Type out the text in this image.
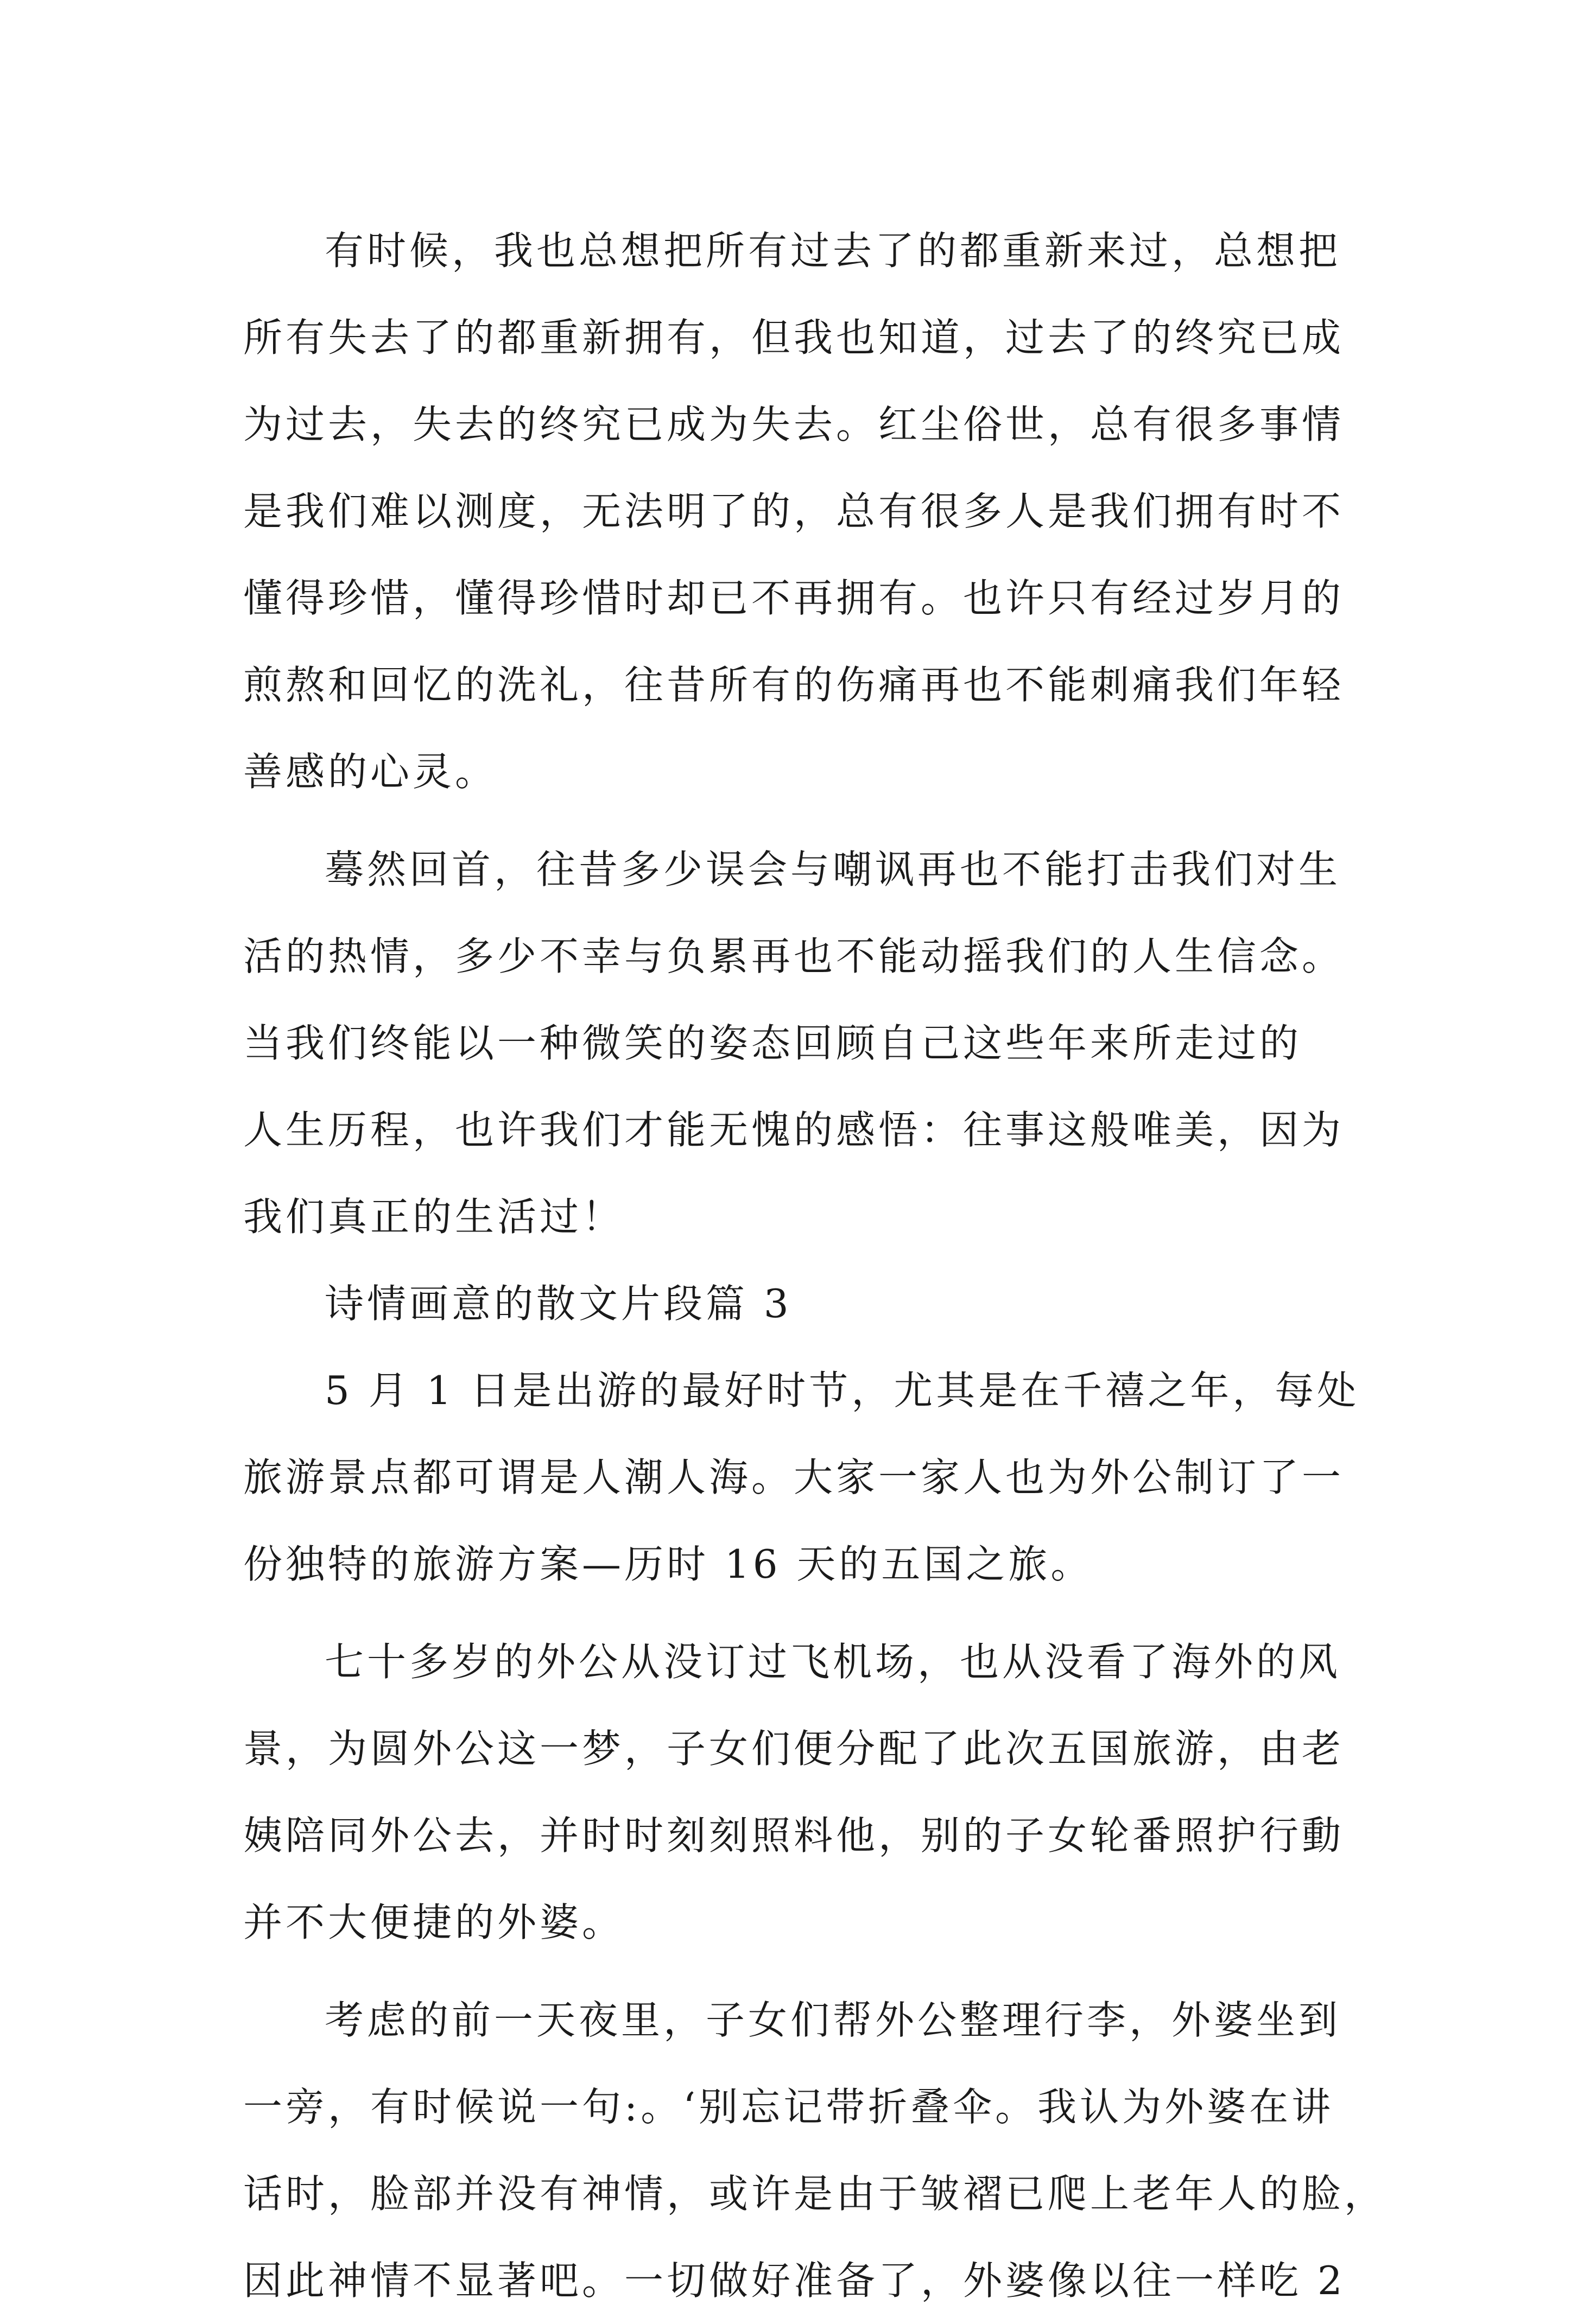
有时候，我也总想把所有过去了的都重新来过，总想把
所有失去了的都重新拥有，但我也知道，过去了的终究已成
为过去，失去的终究已成为失去。红尘俗世，总有很多事情
是我们难以测度，无法明了的，总有很多人是我们拥有时不
懂得珍惜，懂得珍惜时却已不再拥有。也许只有经过岁月的
煎熬和回忆的洗礼，往昔所有的伤痛再也不能刺痛我们年轻
善感的心灵。
蓦然回首，往昔多少误会与嘲讽再也不能打击我们对生
活的热情，多少不幸与负累再也不能动摇我们的人生信念。
当我们终能以一种微笑的姿态回顾自己这些年来所走过的
人生历程，也许我们才能无愧的感悟：往事这般唯美，因为
我们真正的生活过！
诗情画意的散文片段篇 3
5 月 1 日是出游的最好时节，尤其是在千禧之年，每处
旅游景点都可谓是人潮人海。大家一家人也为外公制订了一
份独特的旅游方案—历时 16 天的五国之旅。
七十多岁的外公从没订过飞机场，也从没看了海外的风
景，为圆外公这一梦，子女们便分配了此次五国旅游，由老
姨陪同外公去，并时时刻刻照料他，别的子女轮番照护行動
并不大便捷的外婆。
考虑的前一天夜里，子女们帮外公整理行李，外婆坐到
一旁，有时候说一句:。‘别忘记带折叠伞。我认为外婆在讲
话时，脸部并没有神情，或许是由于皱褶已爬上老年人的脸，
因此神情不显著吧。一切做好准备了，外婆像以往一样吃 2
